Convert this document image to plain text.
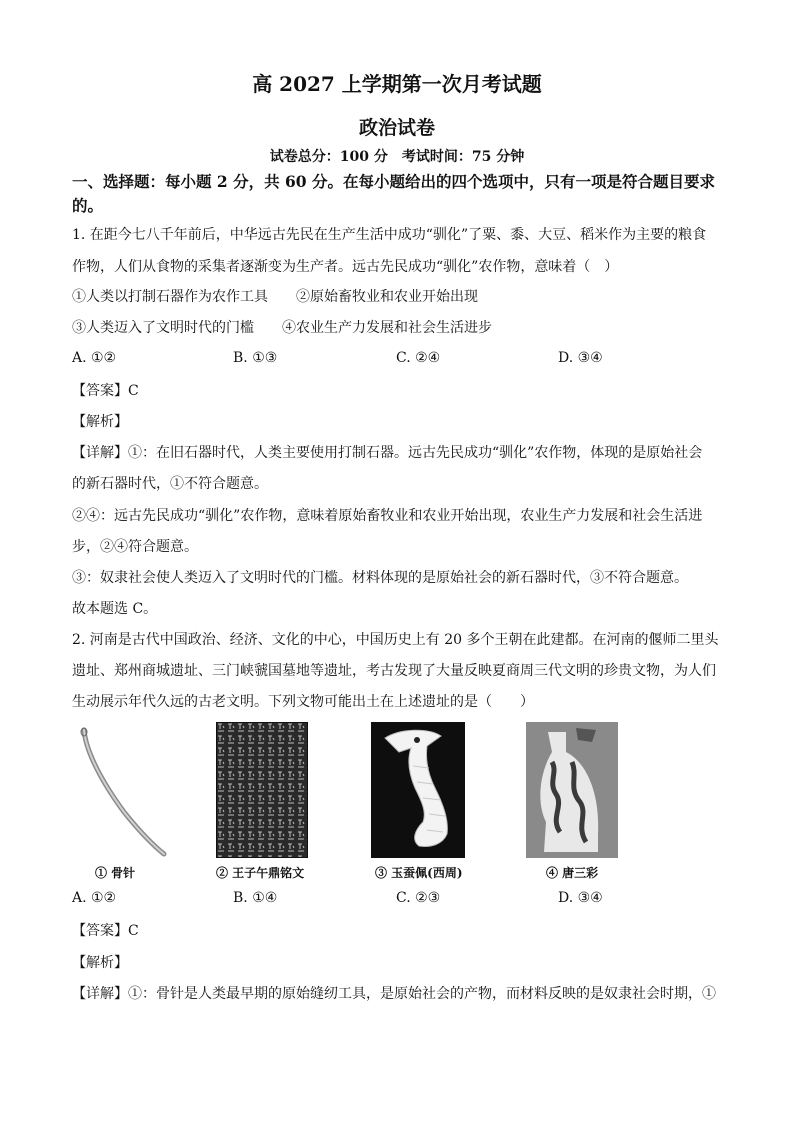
高 2027 上学期第一次月考试题
政治试卷
试卷总分：100 分　考试时间：75 分钟
一、选择题：每小题 2 分，共 60 分。在每小题给出的四个选项中，只有一项是符合题目要求
的。
1. 在距今七八千年前后，中华远古先民在生产生活中成功“驯化”了粟、黍、大豆、稻米作为主要的粮食
作物，人们从食物的采集者逐渐变为生产者。远古先民成功“驯化”农作物，意味着（　）
①人类以打制石器作为农作工具　　②原始畜牧业和农业开始出现
③人类迈入了文明时代的门槛　　④农业生产力发展和社会生活进步
A. ①②	B. ①③	C. ②④	D. ③④
【答案】C
【解析】
【详解】①：在旧石器时代，人类主要使用打制石器。远古先民成功“驯化”农作物，体现的是原始社会
的新石器时代，①不符合题意。
②④：远古先民成功“驯化”农作物，意味着原始畜牧业和农业开始出现，农业生产力发展和社会生活进
步，②④符合题意。
③：奴隶社会使人类迈入了文明时代的门槛。材料体现的是原始社会的新石器时代，③不符合题意。
故本题选 C。
2. 河南是古代中国政治、经济、文化的中心，中国历史上有 20 多个王朝在此建都。在河南的偃师二里头
遗址、郑州商城遗址、三门峡虢国墓地等遗址，考古发现了大量反映夏商周三代文明的珍贵文物，为人们
生动展示年代久远的古老文明。下列文物可能出土在上述遗址的是（　　）
① 骨针	② 王子午鼎铭文	③ 玉蚕佩(西周)	④ 唐三彩
A. ①②	B. ①④	C. ②③	D. ③④
【答案】C
【解析】
【详解】①：骨针是人类最早期的原始缝纫工具，是原始社会的产物，而材料反映的是奴隶社会时期，①
